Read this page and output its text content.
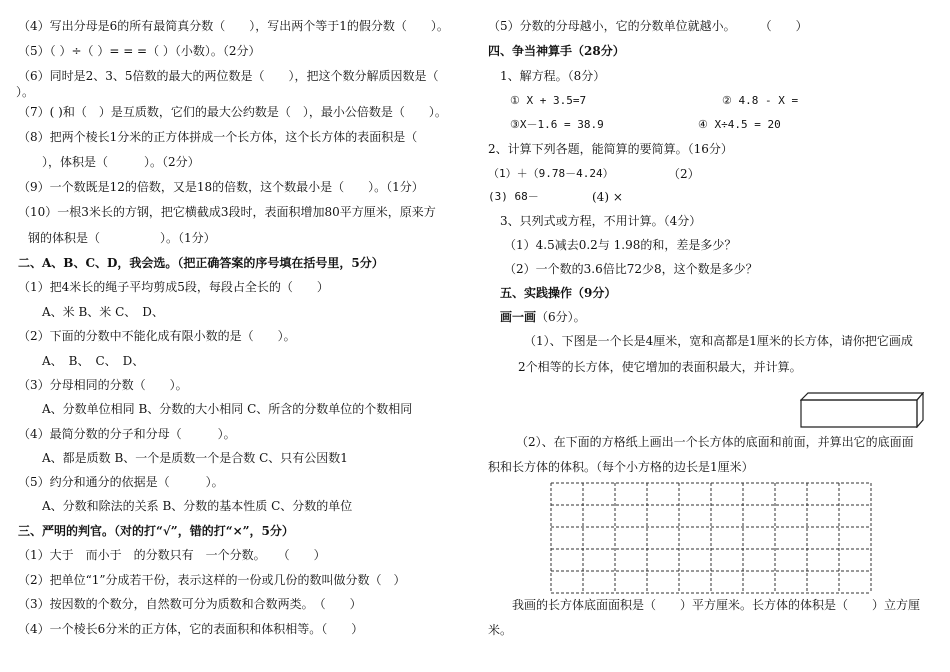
（4）写出分母是6的所有最简真分数（　　），写出两个等于1的假分数（　　）。
（5）（ ）÷（ ）= = =（ ）（小数）。（2分）
（6）同时是2、3、5倍数的最大的两位数是（　　），把这个数分解质因数是（
）。
（7）( )和（　）是互质数，它们的最大公约数是（　），最小公倍数是（　　）。
（8）把两个棱长1分米的正方体拼成一个长方体，这个长方体的表面积是（
），体积是（　　　）。（2分）
（9）一个数既是12的倍数，又是18的倍数，这个数最小是（　　）。（1分）
（10）一根3米长的方钢，把它横截成3段时，表面积增加80平方厘米，原来方
钢的体积是（　　　　　）。（1分）
二、A、B、C、D，我会选。（把正确答案的序号填在括号里，5分）
（1）把4米长的绳子平均剪成5段，每段占全长的（　　）
A、米 B、米 C、　D、
（2）下面的分数中不能化成有限小数的是（　　）。
A、　B、　C、　D、
（3）分母相同的分数（　　）。
A、分数单位相同 B、分数的大小相同 C、所含的分数单位的个数相同
（4）最简分数的分子和分母（　　　）。
A、都是质数 B、一个是质数一个是合数 C、只有公因数1
（5）约分和通分的依据是（　　　）。
A、分数和除法的关系 B、分数的基本性质 C、分数的单位
三、严明的判官。（对的打“√”，错的打“×”，5分）
（1）大于　而小于　的分数只有　一个分数。　　（　　）
（2）把单位“1”分成若干份，表示这样的一份或几份的数叫做分数（　）
（3）按因数的个数分，自然数可分为质数和合数两类。　（　　）
（4）一个棱长6分米的正方体，它的表面积和体积相等。（　　）
（5）分数的分母越小，它的分数单位就越小。　　　（　　）
四、争当神算手（28分）
1、解方程。（8分）
① X + 3.5=7	② 4.8 - X =
③X－1.6 = 38.9	④ X÷4.5 = 20
2、计算下列各题，能简算的要简算。（16分）
（1）＋（9.78－4.24）	（2）
(3) 68－	(4) ×
3、只列式或方程，不用计算。（4分）
（1）4.5减去0.2与 1.98的和，差是多少？
（2）一个数的3.6倍比72少8，这个数是多少？
五、实践操作（9分）
画一画（6分）。
（1）、下图是一个长是4厘米，宽和高都是1厘米的长方体，请你把它画成
2个相等的长方体，使它增加的表面积最大，并计算。
（2）、在下面的方格纸上画出一个长方体的底面和前面，并算出它的底面面
积和长方体的体积。（每个小方格的边长是1厘米）
我画的长方体底面面积是（　　）平方厘米。长方体的体积是（　　）立方厘
米。
